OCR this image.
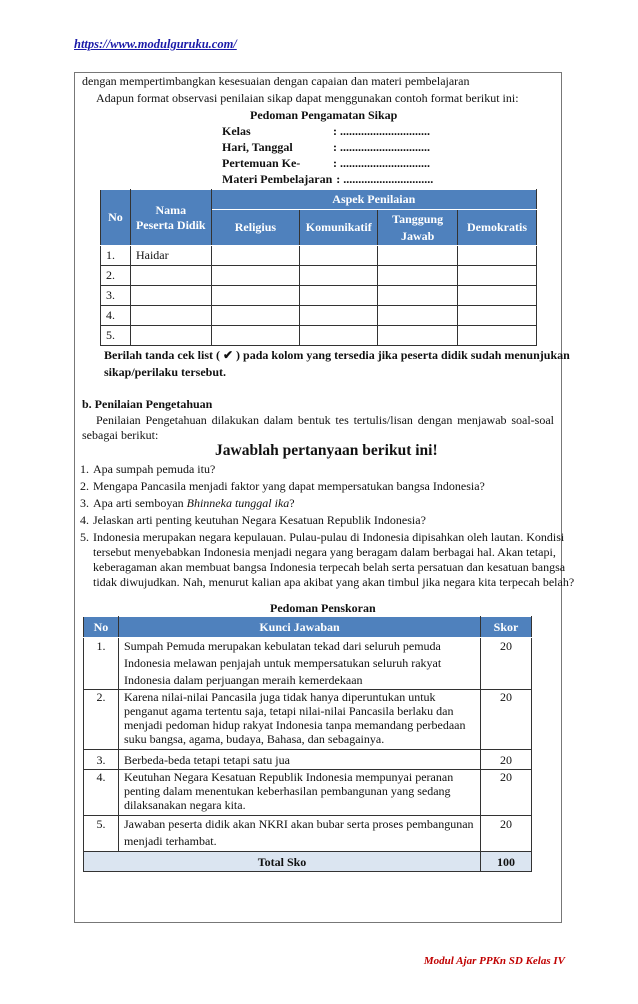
https://www.modulguruku.com/
dengan mempertimbangkan kesesuaian dengan capaian dan materi pembelajaran
Adapun format observasi penilaian sikap dapat menggunakan contoh format berikut ini:
Pedoman Pengamatan Sikap
Kelas	: ..............................
Hari, Tanggal	: ..............................
Pertemuan Ke-	: ..............................
Materi Pembelajaran : ..............................
No	Nama Peserta Didik	Aspek Penilaian			
		Religius	Komunikatif	Tanggung Jawab	Demokratis
1.	Haidar				
2.					
3.					
4.					
5.					
Berilah tanda cek list ( ✔ ) pada kolom yang tersedia jika peserta didik sudah menunjukan
sikap/perilaku tersebut.
b. Penilaian Pengetahuan
Penilaian Pengetahuan dilakukan dalam bentuk tes tertulis/lisan dengan menjawab soal-soal
sebagai berikut:
Jawablah pertanyaan berikut ini!
1. Apa sumpah pemuda itu?
2. Mengapa Pancasila menjadi faktor yang dapat mempersatukan bangsa Indonesia?
3. Apa arti semboyan Bhinneka tunggal ika?
4. Jelaskan arti penting keutuhan Negara Kesatuan Republik Indonesia?
5. Indonesia merupakan negara kepulauan. Pulau-pulau di Indonesia dipisahkan oleh lautan. Kondisi
tersebut menyebabkan Indonesia menjadi negara yang beragam dalam berbagai hal. Akan tetapi,
keberagaman akan membuat bangsa Indonesia terpecah belah serta persatuan dan kesatuan bangsa
tidak diwujudkan. Nah, menurut kalian apa akibat yang akan timbul jika negara kita terpecah belah?
Pedoman Penskoran
No	Kunci Jawaban	Skor
1.	Sumpah Pemuda merupakan kebulatan tekad dari seluruh pemuda Indonesia melawan penjajah untuk mempersatukan seluruh rakyat Indonesia dalam perjuangan meraih kemerdekaan	20
2.	Karena nilai-nilai Pancasila juga tidak hanya diperuntukan untuk penganut agama tertentu saja, tetapi nilai-nilai Pancasila berlaku dan menjadi pedoman hidup rakyat Indonesia tanpa memandang perbedaan suku bangsa, agama, budaya, Bahasa, dan sebagainya.	20
3.	Berbeda-beda tetapi tetapi satu jua	20
4.	Keutuhan Negara Kesatuan Republik Indonesia mempunyai peranan penting dalam menentukan keberhasilan pembangunan yang sedang dilaksanakan negara kita.	20
5.	Jawaban peserta didik akan NKRI akan bubar serta proses pembangunan menjadi terhambat.	20
Total Sko		100
Modul Ajar PPKn SD Kelas IV
